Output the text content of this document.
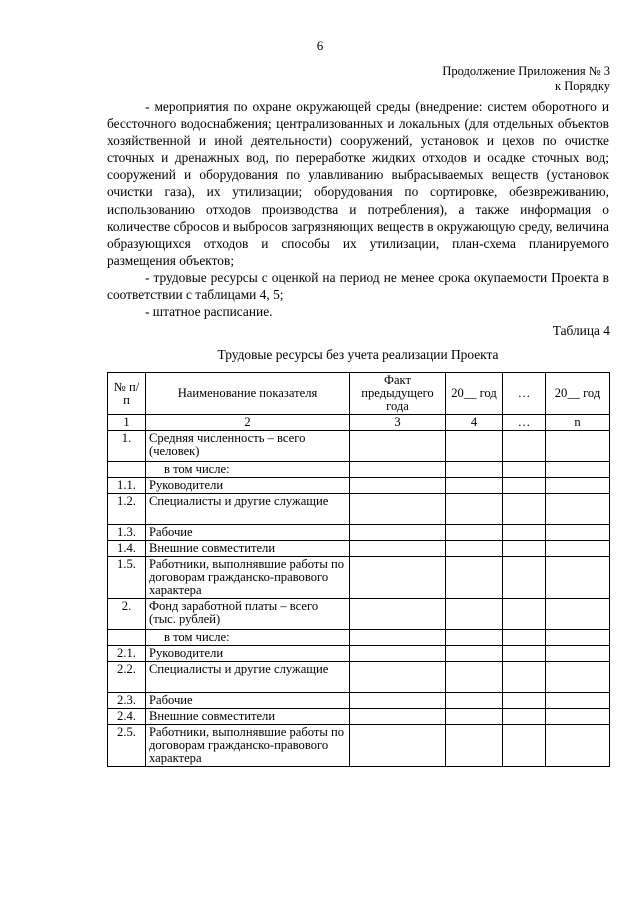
6
Продолжение Приложения № 3
к Порядку

- мероприятия по охране окружающей среды (внедрение: систем оборотного и бессточного водоснабжения; централизованных и локальных (для отдельных объектов хозяйственной и иной деятельности) сооружений, установок и цехов по очистке сточных и дренажных вод, по переработке жидких отходов и осадке сточных вод; сооружений и оборудования по улавливанию выбрасываемых веществ (установок очистки газа), их утилизации; оборудования по сортировке, обезвреживанию, использованию отходов производства и потребления), а также информация о количестве сбросов и выбросов загрязняющих веществ в окружающую среду, величина образующихся отходов и способы их утилизации, план-схема планируемого размещения объектов;

- трудовые ресурсы с оценкой на период не менее срока окупаемости Проекта в соответствии с таблицами 4, 5;

- штатное расписание.

Таблица 4
Трудовые ресурсы без учета реализации Проекта
№ п/п	Наименование показателя	Факт предыдущего года	20__ год	…	20__ год
1	2	3	4	…	n
1.	Средняя численность – всего (человек)				
	в том числе:				
1.1.	Руководители				
1.2.	Специалисты и другие служащие				
1.3.	Рабочие				
1.4.	Внешние совместители				
1.5.	Работники, выполнявшие работы по договорам гражданско-правового характера				
2.	Фонд заработной платы – всего (тыс. рублей)				
	в том числе:				
2.1.	Руководители				
2.2.	Специалисты и другие служащие				
2.3.	Рабочие				
2.4.	Внешние совместители				
2.5.	Работники, выполнявшие работы по договорам гражданско-правового характера				
